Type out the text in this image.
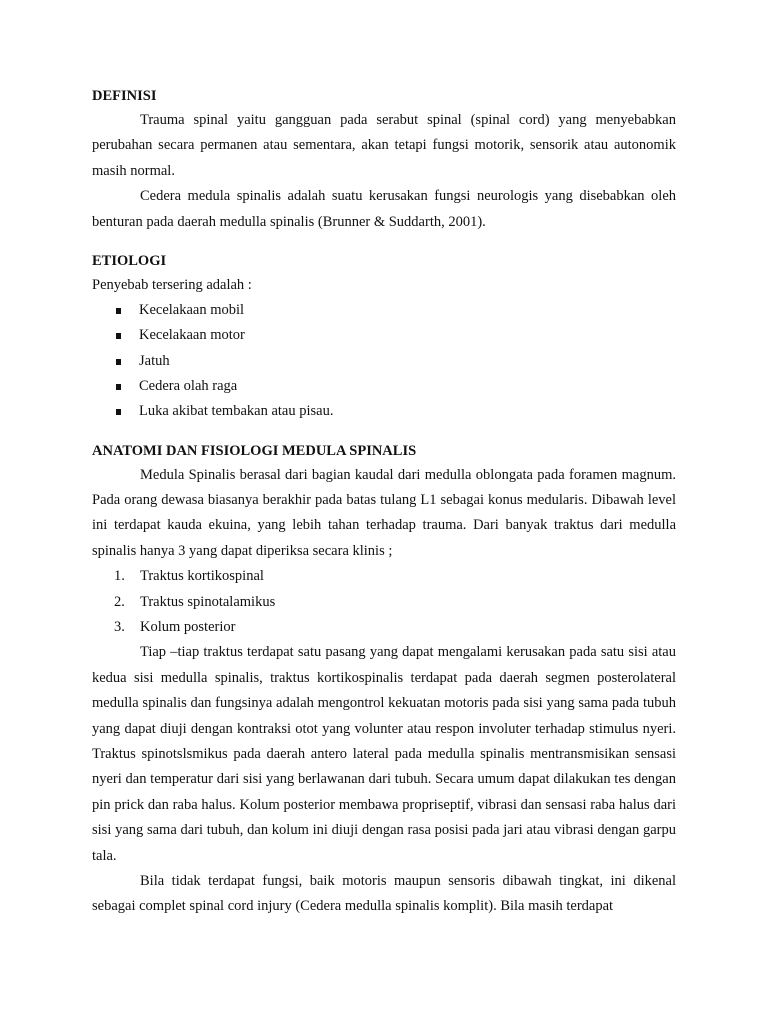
DEFINISI

Trauma spinal yaitu gangguan pada serabut spinal (spinal cord) yang menyebabkan perubahan secara permanen atau sementara, akan tetapi fungsi motorik, sensorik atau autonomik masih normal.

Cedera medula spinalis adalah suatu kerusakan fungsi neurologis yang disebabkan oleh benturan pada daerah medulla spinalis (Brunner & Suddarth, 2001).

ETIOLOGI

Penyebab tersering adalah :

Kecelakaan mobil
Kecelakaan motor
Jatuh
Cedera olah raga
Luka akibat tembakan atau pisau.
ANATOMI DAN FISIOLOGI MEDULA SPINALIS

Medula Spinalis berasal dari bagian kaudal dari medulla oblongata pada foramen magnum. Pada orang dewasa biasanya berakhir pada batas tulang L1 sebagai konus medularis. Dibawah level ini terdapat kauda ekuina, yang lebih tahan terhadap trauma. Dari banyak traktus dari medulla spinalis hanya 3 yang dapat diperiksa secara klinis ;

1. Traktus kortikospinal
2. Traktus spinotalamikus
3. Kolum posterior

Tiap –tiap traktus terdapat satu pasang yang dapat mengalami kerusakan pada satu sisi atau kedua sisi medulla spinalis, traktus kortikospinalis terdapat pada daerah segmen posterolateral medulla spinalis dan fungsinya adalah mengontrol kekuatan motoris pada sisi yang sama pada tubuh yang dapat diuji dengan kontraksi otot yang volunter atau respon involuter terhadap stimulus nyeri. Traktus spinotslsmikus pada daerah antero lateral pada medulla spinalis mentransmisikan sensasi nyeri dan temperatur dari sisi yang berlawanan dari tubuh. Secara umum dapat dilakukan tes dengan pin prick dan raba halus. Kolum posterior membawa propriseptif, vibrasi dan sensasi raba halus dari sisi yang sama dari tubuh, dan kolum ini diuji dengan rasa posisi pada jari atau vibrasi dengan garpu tala.

Bila tidak terdapat fungsi, baik motoris maupun sensoris dibawah tingkat, ini dikenal sebagai complet spinal cord injury (Cedera medulla spinalis komplit). Bila masih terdapat
